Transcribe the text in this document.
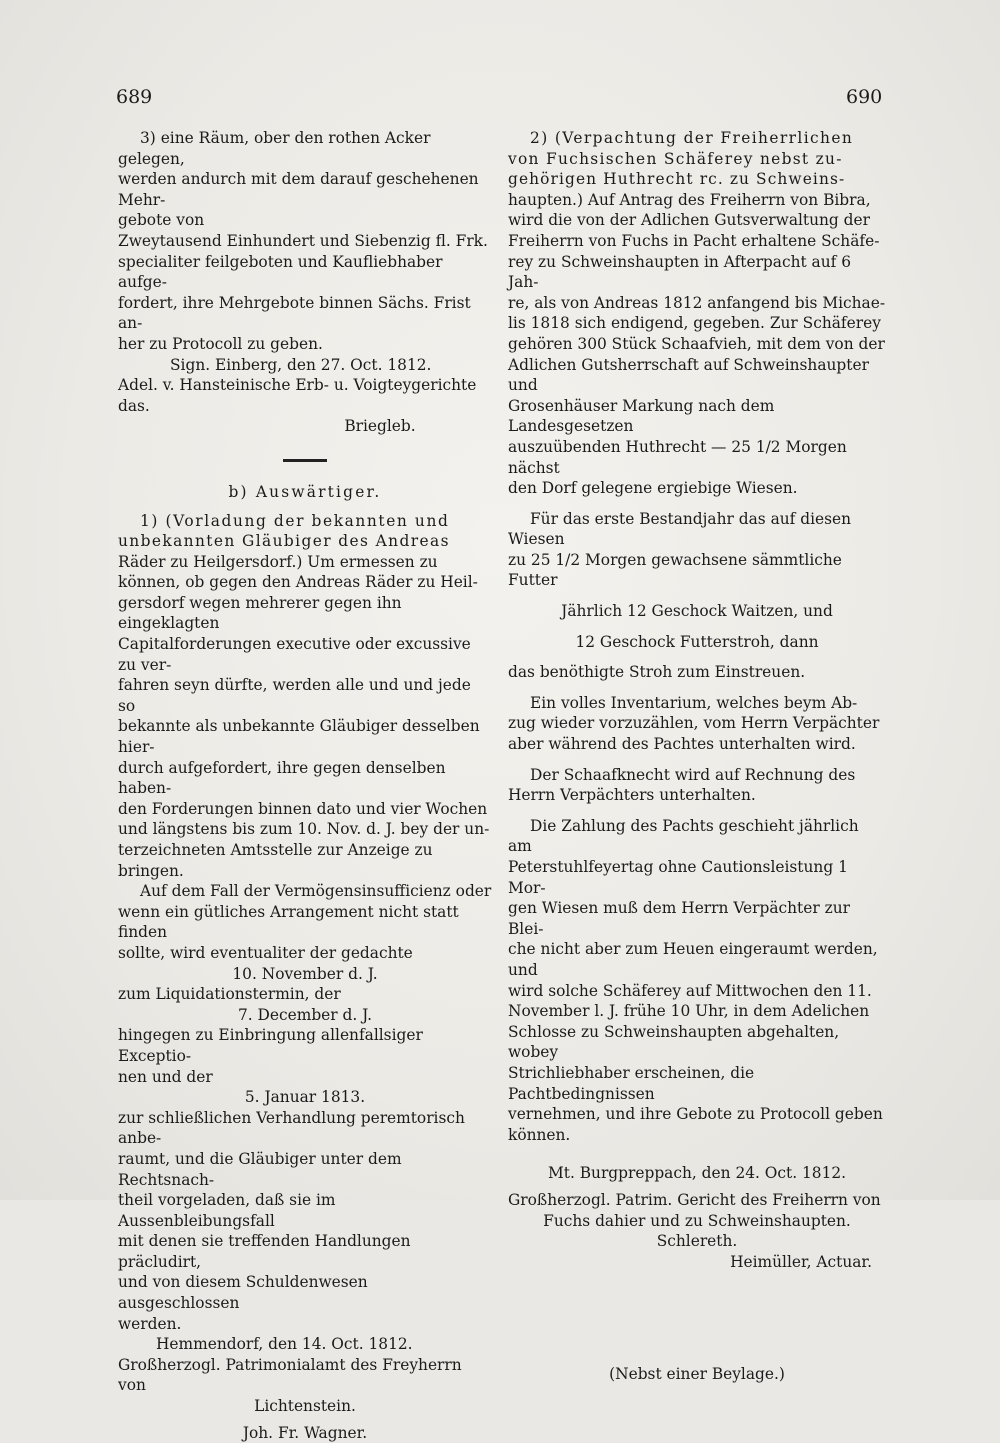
689	690

3) eine Räum, ober den rothen Acker gelegen,

werden andurch mit dem darauf geschehenen Mehr-

gebote von

Zweytausend Einhundert und Siebenzig fl. Frk.

specialiter feilgeboten und Kaufliebhaber aufge-

fordert, ihre Mehrgebote binnen Sächs. Frist an-

her zu Protocoll zu geben.

Sign. Einberg, den 27. Oct. 1812.

Adel. v. Hansteinische Erb- u. Voigteygerichte das.

Briegleb.

b) Auswärtiger.

1) (Vorladung der bekannten und

unbekannten Gläubiger des Andreas

Räder zu Heilgersdorf.) Um ermessen zu

können, ob gegen den Andreas Räder zu Heil-

gersdorf wegen mehrerer gegen ihn eingeklagten

Capitalforderungen executive oder excussive zu ver-

fahren seyn dürfte, werden alle und und jede so

bekannte als unbekannte Gläubiger desselben hier-

durch aufgefordert, ihre gegen denselben haben-

den Forderungen binnen dato und vier Wochen

und längstens bis zum 10. Nov. d. J. bey der un-

terzeichneten Amtsstelle zur Anzeige zu bringen.

Auf dem Fall der Vermögensinsufficienz oder

wenn ein gütliches Arrangement nicht statt finden

sollte, wird eventualiter der gedachte

10. November d. J.

zum Liquidationstermin, der

7. December d. J.

hingegen zu Einbringung allenfallsiger Exceptio-

nen und der

5. Januar 1813.

zur schließlichen Verhandlung peremtorisch anbe-

raumt, und die Gläubiger unter dem Rechtsnach-

theil vorgeladen, daß sie im Aussenbleibungsfall

mit denen sie treffenden Handlungen präcludirt,

und von diesem Schuldenwesen ausgeschlossen

werden.

Hemmendorf, den 14. Oct. 1812.

Großherzogl. Patrimonialamt des Freyherrn von

Lichtenstein.

Joh. Fr. Wagner.

2) (Verpachtung der Freiherrlichen

von Fuchsischen Schäferey nebst zu-

gehörigen Huthrecht rc. zu Schweins-

haupten.) Auf Antrag des Freiherrn von Bibra,

wird die von der Adlichen Gutsverwaltung der

Freiherrn von Fuchs in Pacht erhaltene Schäfe-

rey zu Schweinshaupten in Afterpacht auf 6 Jah-

re, als von Andreas 1812 anfangend bis Michae-

lis 1818 sich endigend, gegeben. Zur Schäferey

gehören 300 Stück Schaafvieh, mit dem von der

Adlichen Gutsherrschaft auf Schweinshaupter und

Grosenhäuser Markung nach dem Landesgesetzen

auszuübenden Huthrecht — 25 1/2 Morgen nächst

den Dorf gelegene ergiebige Wiesen.

Für das erste Bestandjahr das auf diesen Wiesen

zu 25 1/2 Morgen gewachsene sämmtliche Futter

Jährlich 12 Geschock Waitzen, und

12 Geschock Futterstroh, dann

das benöthigte Stroh zum Einstreuen.

Ein volles Inventarium, welches beym Ab-

zug wieder vorzuzählen, vom Herrn Verpächter

aber während des Pachtes unterhalten wird.

Der Schaafknecht wird auf Rechnung des

Herrn Verpächters unterhalten.

Die Zahlung des Pachts geschieht jährlich am

Peterstuhlfeyertag ohne Cautionsleistung 1 Mor-

gen Wiesen muß dem Herrn Verpächter zur Blei-

che nicht aber zum Heuen eingeraumt werden, und

wird solche Schäferey auf Mittwochen den 11.

November l. J. frühe 10 Uhr, in dem Adelichen

Schlosse zu Schweinshaupten abgehalten, wobey

Strichliebhaber erscheinen, die Pachtbedingnissen

vernehmen, und ihre Gebote zu Protocoll geben

können.

Mt. Burgpreppach, den 24. Oct. 1812.

Großherzogl. Patrim. Gericht des Freiherrn von

Fuchs dahier und zu Schweinshaupten.

Schlereth.

Heimüller, Actuar.

(Nebst einer Beylage.)
